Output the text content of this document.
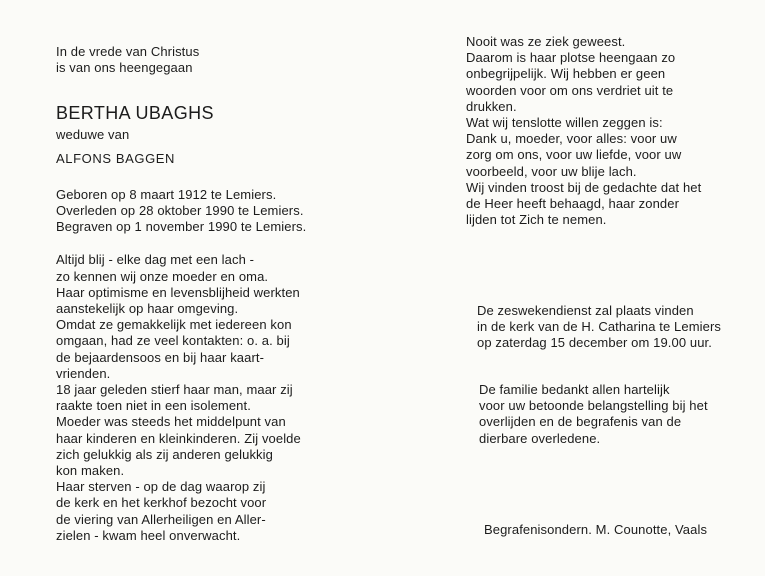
In de vrede van Christus
is van ons heengegaan
BERTHA UBAGHS
weduwe van
ALFONS BAGGEN
Geboren op 8 maart 1912 te Lemiers.
Overleden op 28 oktober 1990 te Lemiers.
Begraven op 1 november 1990 te Lemiers.
Altijd blij - elke dag met een lach -
zo kennen wij onze moeder en oma.
Haar optimisme en levensblijheid werkten
aanstekelijk op haar omgeving.
Omdat ze gemakkelijk met iedereen kon
omgaan, had ze veel kontakten: o. a. bij
de bejaardensoos en bij haar kaart-
vrienden.
18 jaar geleden stierf haar man, maar zij
raakte toen niet in een isolement.
Moeder was steeds het middelpunt van
haar kinderen en kleinkinderen. Zij voelde
zich gelukkig als zij anderen gelukkig
kon maken.
Haar sterven - op de dag waarop zij
de kerk en het kerkhof bezocht voor
de viering van Allerheiligen en Aller-
zielen - kwam heel onverwacht.
Nooit was ze ziek geweest.
Daarom is haar plotse heengaan zo
onbegrijpelijk. Wij hebben er geen
woorden voor om ons verdriet uit te
drukken.
Wat wij tenslotte willen zeggen is:
Dank u, moeder, voor alles: voor uw
zorg om ons, voor uw liefde, voor uw
voorbeeld, voor uw blije lach.
Wij vinden troost bij de gedachte dat het
de Heer heeft behaagd, haar zonder
lijden tot Zich te nemen.
De zeswekendienst zal plaats vinden
in de kerk van de H. Catharina te Lemiers
op zaterdag 15 december om 19.00 uur.
De familie bedankt allen hartelijk
voor uw betoonde belangstelling bij het
overlijden en de begrafenis van de
dierbare overledene.
Begrafenisondern. M. Counotte, Vaals
